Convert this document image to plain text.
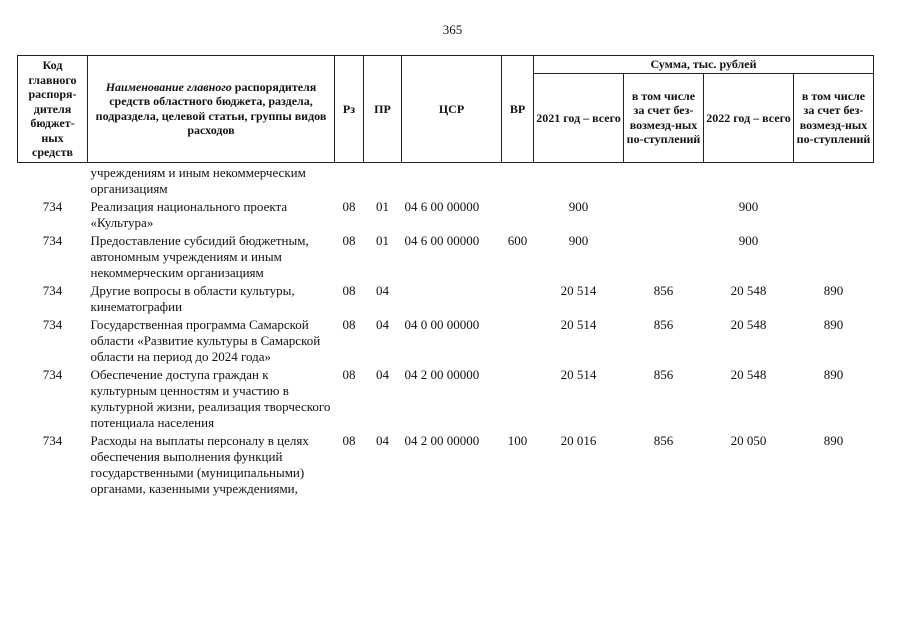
365
Код главного распоря-дителя бюджет-ных средств	Наименование главного распорядителя средств областного бюджета, раздела, подраздела, целевой статьи, группы видов расходов	Рз	ПР	ЦСР	ВР	Сумма, тыс. рублей			
						2021 год – всего	в том числе за счет без-возмезд-ных по-ступлений	2022 год – всего	в том числе за счет без-возмезд-ных по-ступлений
	учреждениям и иным некоммерческим организациям								
734	Реализация национального проекта «Культура»	08	01	04 6 00 00000		900		900	
734	Предоставление субсидий бюджетным, автономным учреждениям и иным некоммерческим организациям	08	01	04 6 00 00000	600	900		900	
734	Другие вопросы в области культуры, кинематографии	08	04			20 514	856	20 548	890
734	Государственная программа Самарской области «Развитие культуры в Самарской области на период до 2024 года»	08	04	04 0 00 00000		20 514	856	20 548	890
734	Обеспечение доступа граждан к культурным ценностям и участию в культурной жизни, реализация творческого потенциала населения	08	04	04 2 00 00000		20 514	856	20 548	890
734	Расходы на выплаты персоналу в целях обеспечения выполнения функций государственными (муниципальными) органами, казенными учреждениями,	08	04	04 2 00 00000	100	20 016	856	20 050	890
